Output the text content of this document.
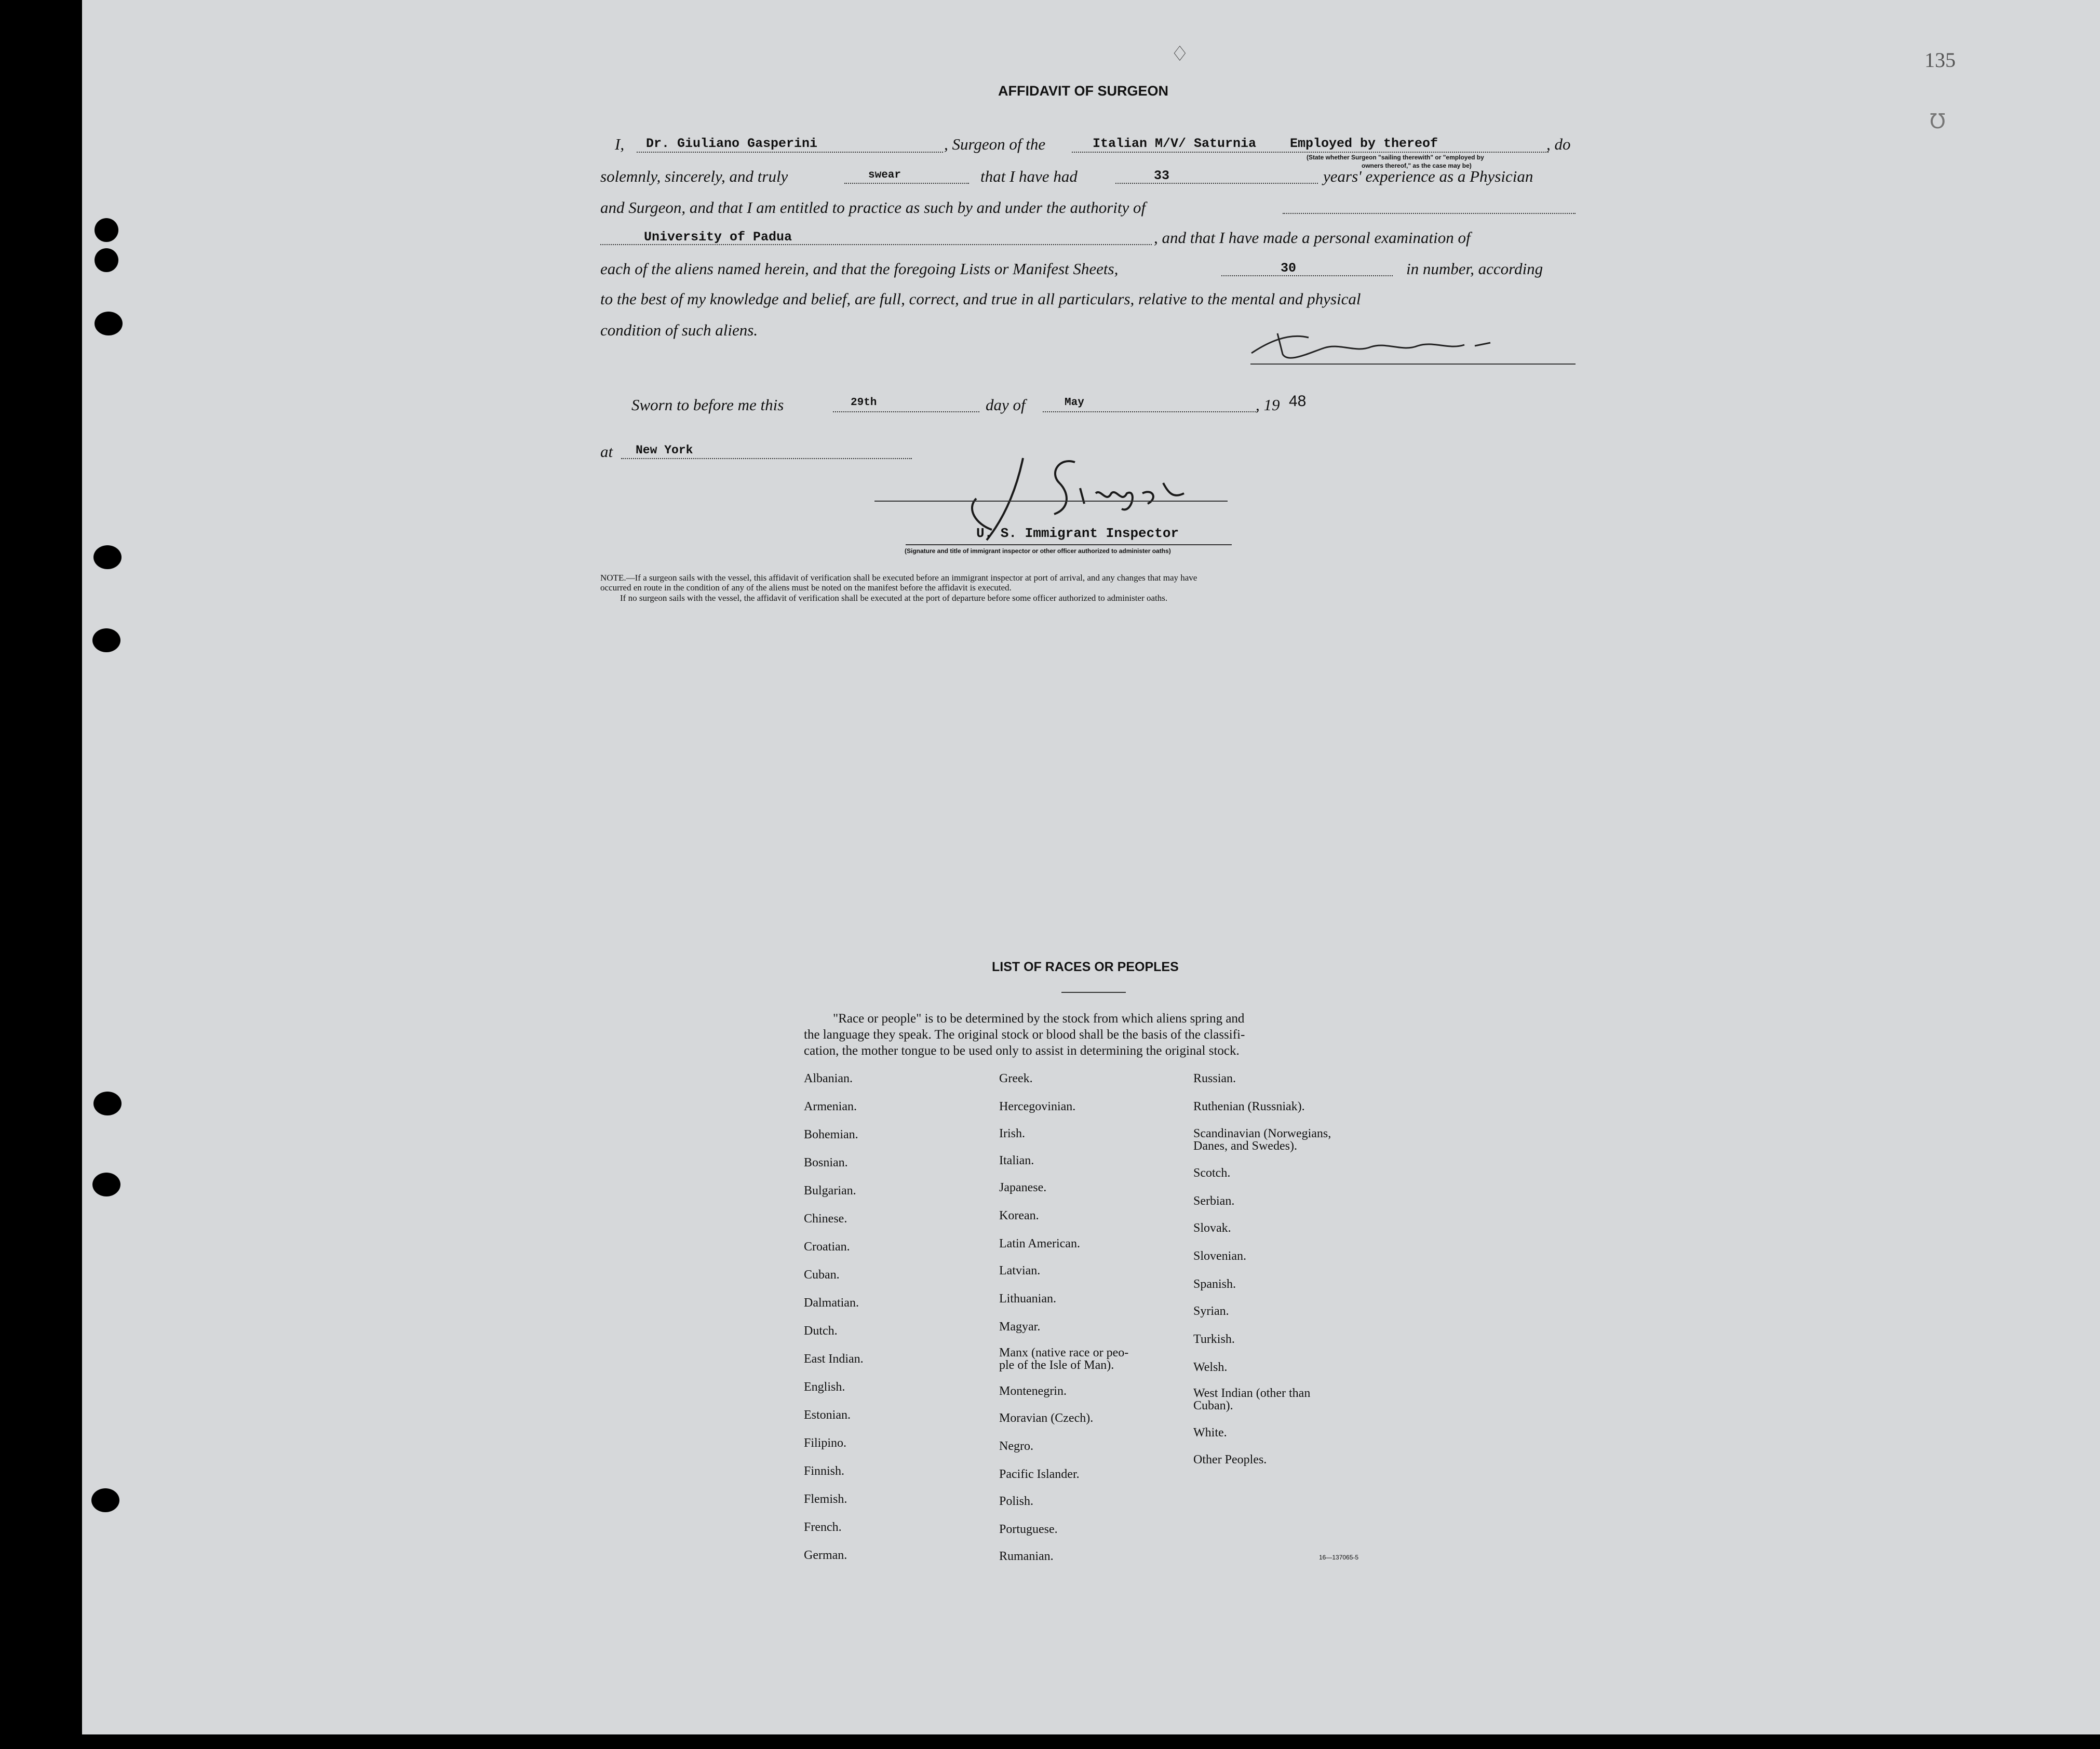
135
AFFIDAVIT OF SURGEON
I, Dr. Giuliano Gasperini	, Surgeon of the	Italian M/V/ Saturnia	Employed by thereof	, do
(State whether Surgeon "sailing therewith" or "employed by
owners thereof," as the case may be)
solemnly, sincerely, and truly	swear	that I have had	33	years' experience as a Physician
and Surgeon, and that I am entitled to practice as such by and under the authority of
University of Padua	, and that I have made a personal examination of
each of the aliens named herein, and that the foregoing Lists or Manifest Sheets,	30	in number, according
to the best of my knowledge and belief, are full, correct, and true in all particulars, relative to the mental and physical
condition of such aliens.
Sworn to before me this	29th	day of	May	, 19 48
at New York
U. S. Immigrant Inspector
(Signature and title of immigrant inspector or other officer authorized to administer oaths)
NOTE.—If a surgeon sails with the vessel, this affidavit of verification shall be executed before an immigrant inspector at port of arrival, and any changes that may have
occurred en route in the condition of any of the aliens must be noted on the manifest before the affidavit is executed.
If no surgeon sails with the vessel, the affidavit of verification shall be executed at the port of departure before some officer authorized to administer oaths.
LIST OF RACES OR PEOPLES
"Race or people" is to be determined by the stock from which aliens spring and
the language they speak. The original stock or blood shall be the basis of the classifi-
cation, the mother tongue to be used only to assist in determining the original stock.
Albanian.
Armenian.
Bohemian.
Bosnian.
Bulgarian.
Chinese.
Croatian.
Cuban.
Dalmatian.
Dutch.
East Indian.
English.
Estonian.
Filipino.
Finnish.
Flemish.
French.
German.
Greek.
Hercegovinian.
Irish.
Italian.
Japanese.
Korean.
Latin American.
Latvian.
Lithuanian.
Magyar.
Manx (native race or peo-
ple of the Isle of Man).
Montenegrin.
Moravian (Czech).
Negro.
Pacific Islander.
Polish.
Portuguese.
Rumanian.
Russian.
Ruthenian (Russniak).
Scandinavian (Norwegians,
Danes, and Swedes).
Scotch.
Serbian.
Slovak.
Slovenian.
Spanish.
Syrian.
Turkish.
Welsh.
West Indian (other than
Cuban).
White.
Other Peoples.
16—137065-5
♢
℧
